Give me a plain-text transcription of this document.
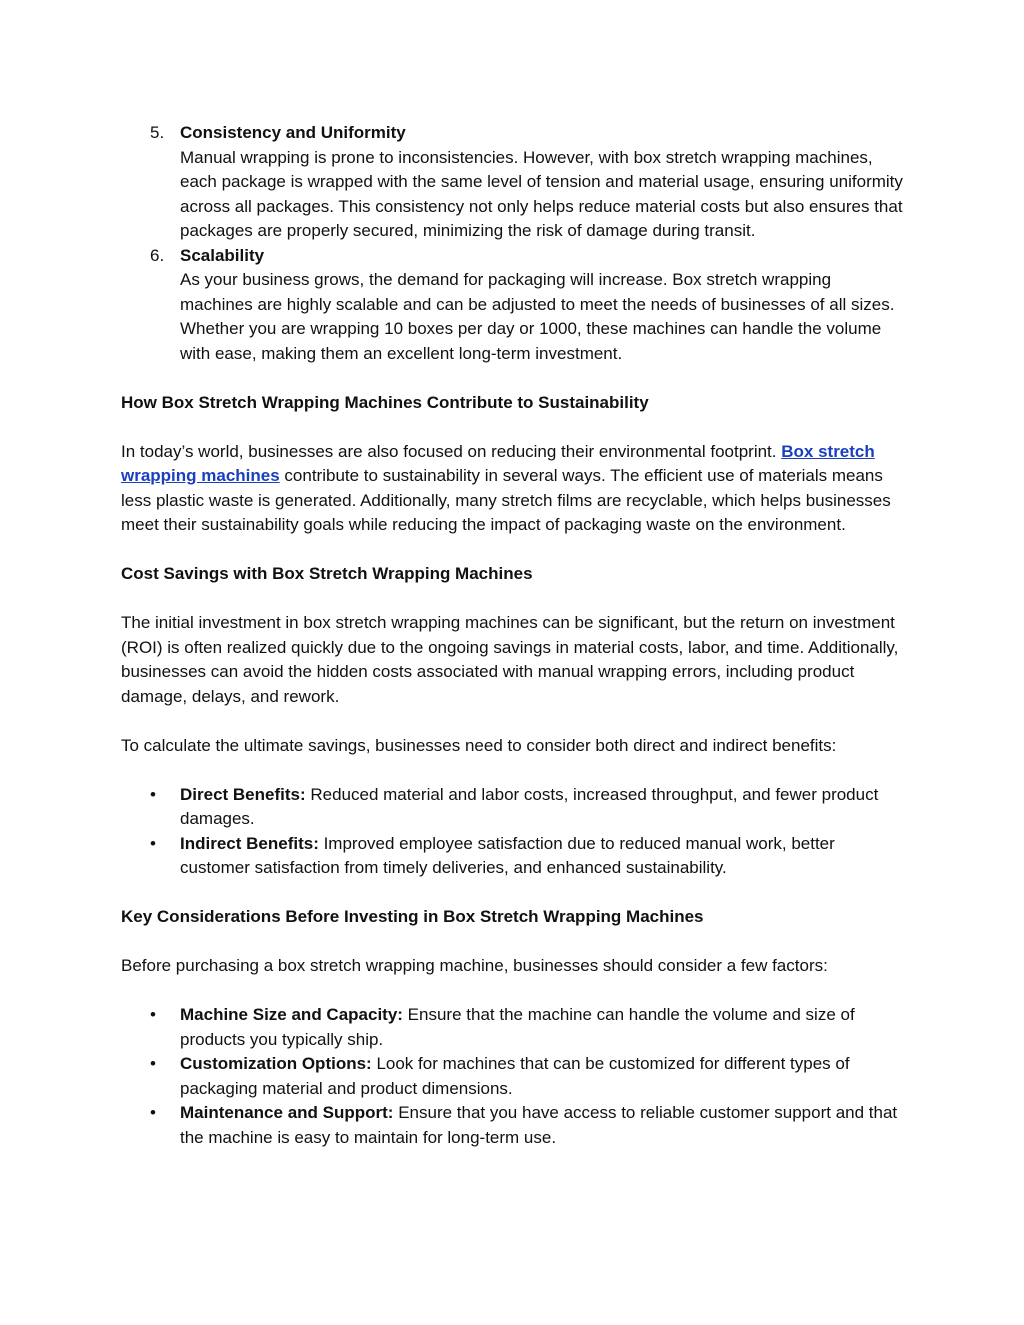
5. Consistency and Uniformity
Manual wrapping is prone to inconsistencies. However, with box stretch wrapping machines, each package is wrapped with the same level of tension and material usage, ensuring uniformity across all packages. This consistency not only helps reduce material costs but also ensures that packages are properly secured, minimizing the risk of damage during transit.
6. Scalability
As your business grows, the demand for packaging will increase. Box stretch wrapping machines are highly scalable and can be adjusted to meet the needs of businesses of all sizes. Whether you are wrapping 10 boxes per day or 1000, these machines can handle the volume with ease, making them an excellent long-term investment.
How Box Stretch Wrapping Machines Contribute to Sustainability

In today’s world, businesses are also focused on reducing their environmental footprint. Box stretch wrapping machines contribute to sustainability in several ways. The efficient use of materials means less plastic waste is generated. Additionally, many stretch films are recyclable, which helps businesses meet their sustainability goals while reducing the impact of packaging waste on the environment.

Cost Savings with Box Stretch Wrapping Machines

The initial investment in box stretch wrapping machines can be significant, but the return on investment (ROI) is often realized quickly due to the ongoing savings in material costs, labor, and time. Additionally, businesses can avoid the hidden costs associated with manual wrapping errors, including product damage, delays, and rework.

To calculate the ultimate savings, businesses need to consider both direct and indirect benefits:

• Direct Benefits: Reduced material and labor costs, increased throughput, and fewer product damages.
• Indirect Benefits: Improved employee satisfaction due to reduced manual work, better customer satisfaction from timely deliveries, and enhanced sustainability.
Key Considerations Before Investing in Box Stretch Wrapping Machines

Before purchasing a box stretch wrapping machine, businesses should consider a few factors:

• Machine Size and Capacity: Ensure that the machine can handle the volume and size of products you typically ship.
• Customization Options: Look for machines that can be customized for different types of packaging material and product dimensions.
• Maintenance and Support: Ensure that you have access to reliable customer support and that the machine is easy to maintain for long-term use.
